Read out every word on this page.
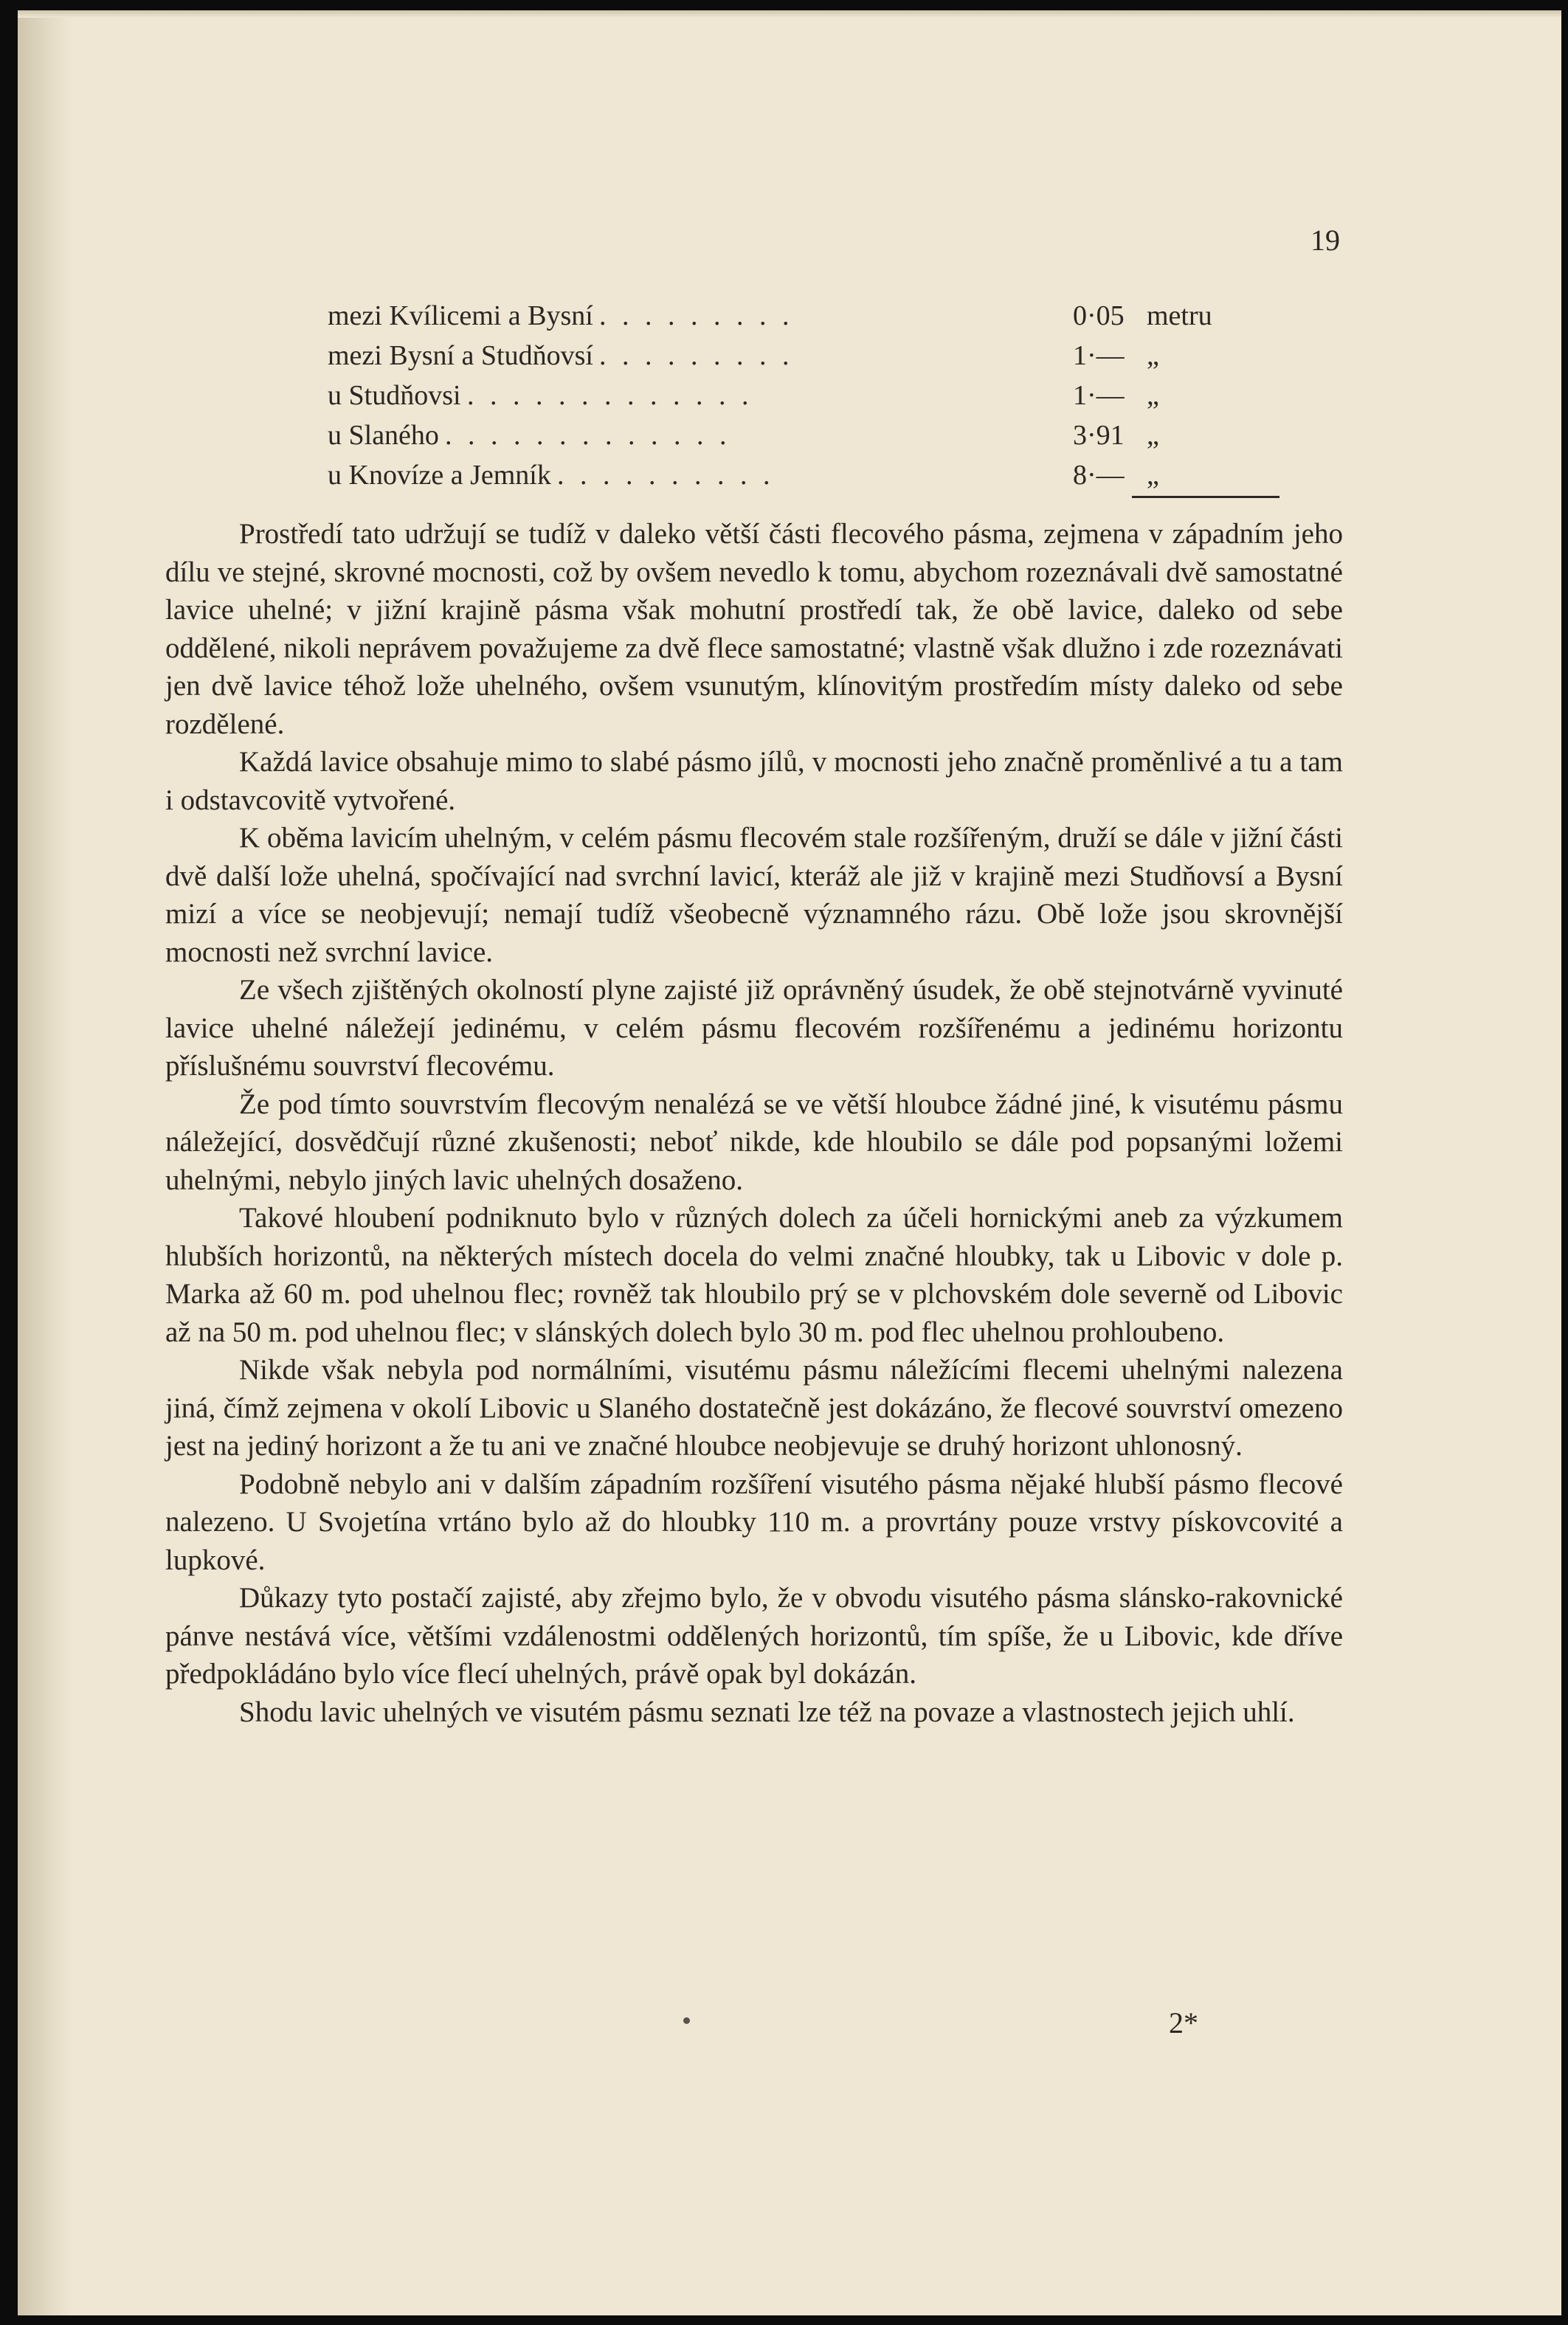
19
mezi Kvílicemi a Bysní	0·05 metru
. . . . . . . . .
mezi Bysní a Studňovsí	1·— „
. . . . . . . . .
u Studňovsi	1·— „
. . . . . . . . . . . . .
u Slaného	3·91 „
. . . . . . . . . . . . .
u Knovíze a Jemník	8·— „
. . . . . . . . . .

Prostředí tato udržují se tudíž v daleko větší části flecového pásma, zejmena v západním jeho dílu ve stejné, skrovné mocnosti, což by ovšem nevedlo k tomu, abychom rozeznávali dvě samostatné lavice uhelné; v jižní krajině pásma však mohutní prostředí tak, že obě lavice, daleko od sebe oddělené, nikoli neprávem považujeme za dvě flece samostatné; vlastně však dlužno i zde rozeznávati jen dvě lavice téhož lože uhelného, ovšem vsunutým, klínovitým prostředím místy daleko od sebe rozdělené.

Každá lavice obsahuje mimo to slabé pásmo jílů, v mocnosti jeho značně proměnlivé a tu a tam i odstavcovitě vytvořené.

K oběma lavicím uhelným, v celém pásmu flecovém stale rozšířeným, druží se dále v jižní části dvě další lože uhelná, spočívající nad svrchní lavicí, kteráž ale již v krajině mezi Studňovsí a Bysní mizí a více se neobjevují; nemají tudíž všeobecně významného rázu. Obě lože jsou skrovnější mocnosti než svrchní lavice.

Ze všech zjištěných okolností plyne zajisté již oprávněný úsudek, že obě stejnotvárně vyvinuté lavice uhelné náležejí jedinému, v celém pásmu flecovém rozšířenému a jedinému horizontu příslušnému souvrství flecovému.

Že pod tímto souvrstvím flecovým nenalézá se ve větší hloubce žádné jiné, k visutému pásmu náležející, dosvědčují různé zkušenosti; neboť nikde, kde hloubilo se dále pod popsanými ložemi uhelnými, nebylo jiných lavic uhelných dosaženo.

Takové hloubení podniknuto bylo v různých dolech za účeli hornickými aneb za výzkumem hlubších horizontů, na některých místech docela do velmi značné hloubky, tak u Libovic v dole p. Marka až 60 m. pod uhelnou flec; rovněž tak hloubilo prý se v plchovském dole severně od Libovic až na 50 m. pod uhelnou flec; v slánských dolech bylo 30 m. pod flec uhelnou prohloubeno.

Nikde však nebyla pod normálními, visutému pásmu náležícími flecemi uhelnými nalezena jiná, čímž zejmena v okolí Libovic u Slaného dostatečně jest dokázáno, že flecové souvrství omezeno jest na jediný horizont a že tu ani ve značné hloubce neobjevuje se druhý horizont uhlonosný.

Podobně nebylo ani v dalším západním rozšíření visutého pásma nějaké hlubší pásmo flecové nalezeno. U Svojetína vrtáno bylo až do hloubky 110 m. a provrtány pouze vrstvy pískovcovité a lupkové.

Důkazy tyto postačí zajisté, aby zřejmo bylo, že v obvodu visutého pásma slánsko-rakovnické pánve nestává více, většími vzdálenostmi oddělených horizontů, tím spíše, že u Libovic, kde dříve předpokládáno bylo více flecí uhelných, právě opak byl dokázán.

Shodu lavic uhelných ve visutém pásmu seznati lze též na povaze a vlastnostech jejich uhlí.

2*
